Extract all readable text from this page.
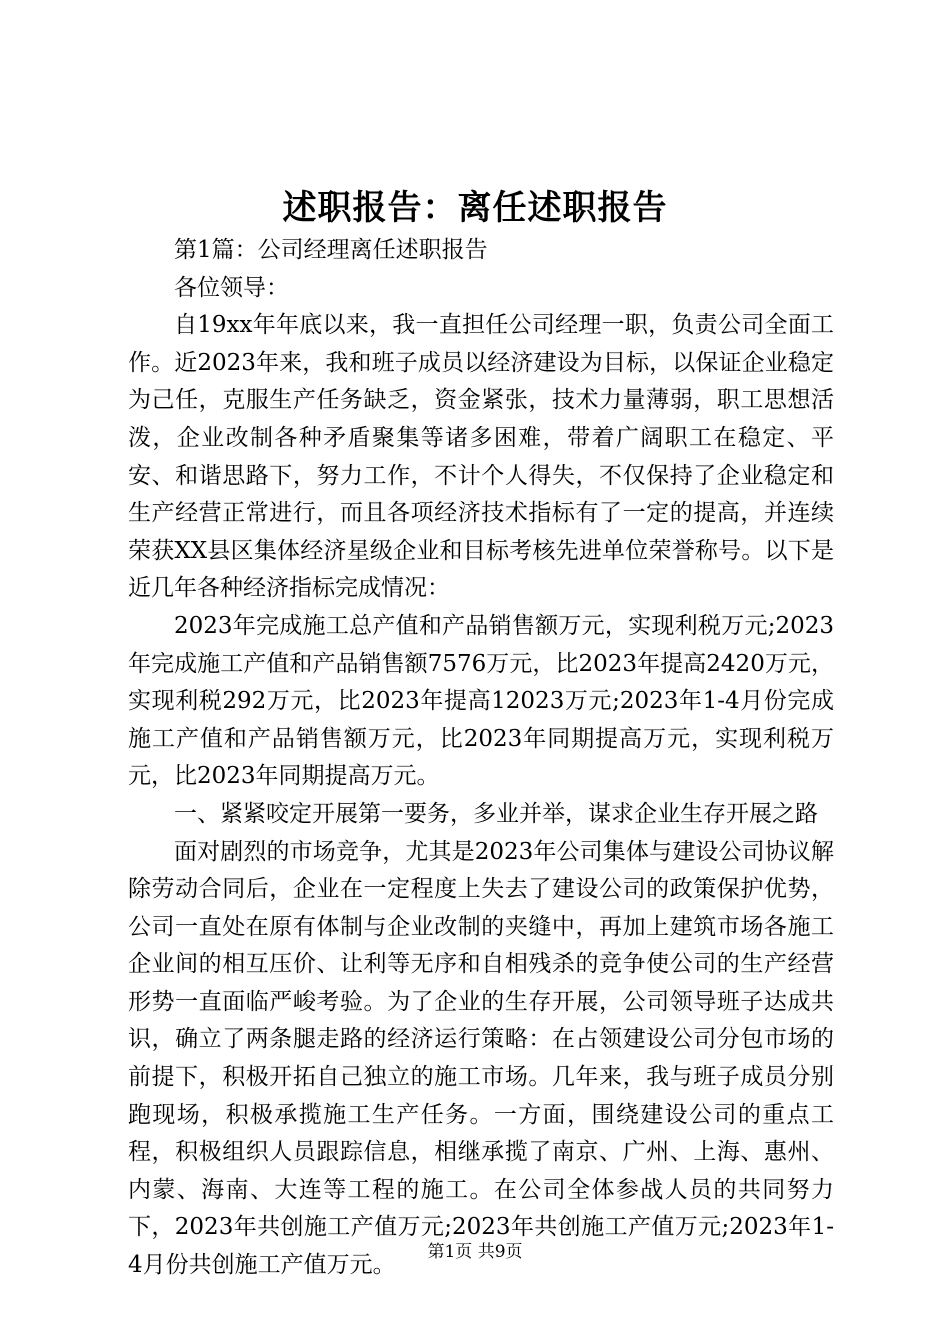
述职报告：离任述职报告

第1篇：公司经理离任述职报告

各位领导：

自19xx年年底以来，我一直担任公司经理一职，负责公司全面工作。近2023年来，我和班子成员以经济建设为目标，以保证企业稳定为己任，克服生产任务缺乏，资金紧张，技术力量薄弱，职工思想活泼，企业改制各种矛盾聚集等诸多困难，带着广阔职工在稳定、平安、和谐思路下，努力工作，不计个人得失，不仅保持了企业稳定和生产经营正常进行，而且各项经济技术指标有了一定的提高，并连续荣获XX县区集体经济星级企业和目标考核先进单位荣誉称号。以下是近几年各种经济指标完成情况：

2023年完成施工总产值和产品销售额万元，实现利税万元;2023年完成施工产值和产品销售额7576万元，比2023年提高2420万元，实现利税292万元，比2023年提高12023万元;2023年1-4月份完成施工产值和产品销售额万元，比2023年同期提高万元，实现利税万元，比2023年同期提高万元。

一、紧紧咬定开展第一要务，多业并举，谋求企业生存开展之路

面对剧烈的市场竞争，尤其是2023年公司集体与建设公司协议解除劳动合同后，企业在一定程度上失去了建设公司的政策保护优势，公司一直处在原有体制与企业改制的夹缝中，再加上建筑市场各施工企业间的相互压价、让利等无序和自相残杀的竞争使公司的生产经营形势一直面临严峻考验。为了企业的生存开展，公司领导班子达成共识，确立了两条腿走路的经济运行策略：在占领建设公司分包市场的前提下，积极开拓自己独立的施工市场。几年来，我与班子成员分别跑现场，积极承揽施工生产任务。一方面，围绕建设公司的重点工程，积极组织人员跟踪信息，相继承揽了南京、广州、上海、惠州、内蒙、海南、大连等工程的施工。在公司全体参战人员的共同努力下，2023年共创施工产值万元;2023年共创施工产值万元;2023年1-4月份共创施工产值万元。

第1页 共9页
